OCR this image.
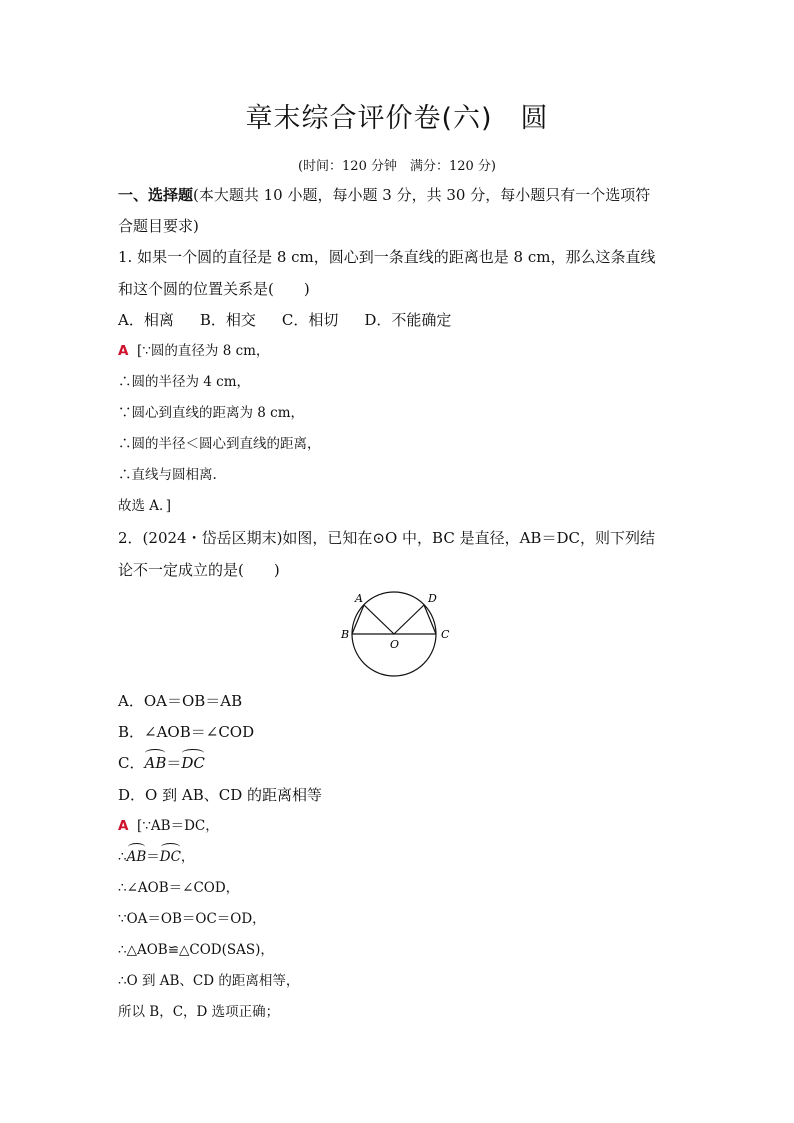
章末综合评价卷(六)　圆
(时间：120 分钟　满分：120 分)
一、选择题(本大题共 10 小题，每小题 3 分，共 30 分，每小题只有一个选项符
合题目要求)
1. 如果一个圆的直径是 8 cm，圆心到一条直线的距离也是 8 cm，那么这条直线
和这个圆的位置关系是(　　)
A．相离 B．相交 C．相切 D．不能确定
A [∵圆的直径为 8 cm，
∴圆的半径为 4 cm，
∵圆心到直线的距离为 8 cm，
∴圆的半径＜圆心到直线的距离，
∴直线与圆相离.
故选 A．]
2．(2024・岱岳区期末)如图，已知在⊙O 中，BC 是直径，AB＝DC，则下列结
论不一定成立的是(　　)
A	D
B	C
O
A．OA＝OB＝AB
B．∠AOB＝∠COD
C．AB＝DC
D．O 到 AB、CD 的距离相等
A [∵AB＝DC，
∴AB＝DC，
∴∠AOB＝∠COD，
∵OA＝OB＝OC＝OD，
∴△AOB≌△COD(SAS)，
∴O 到 AB、CD 的距离相等，
所以 B，C，D 选项正确；
